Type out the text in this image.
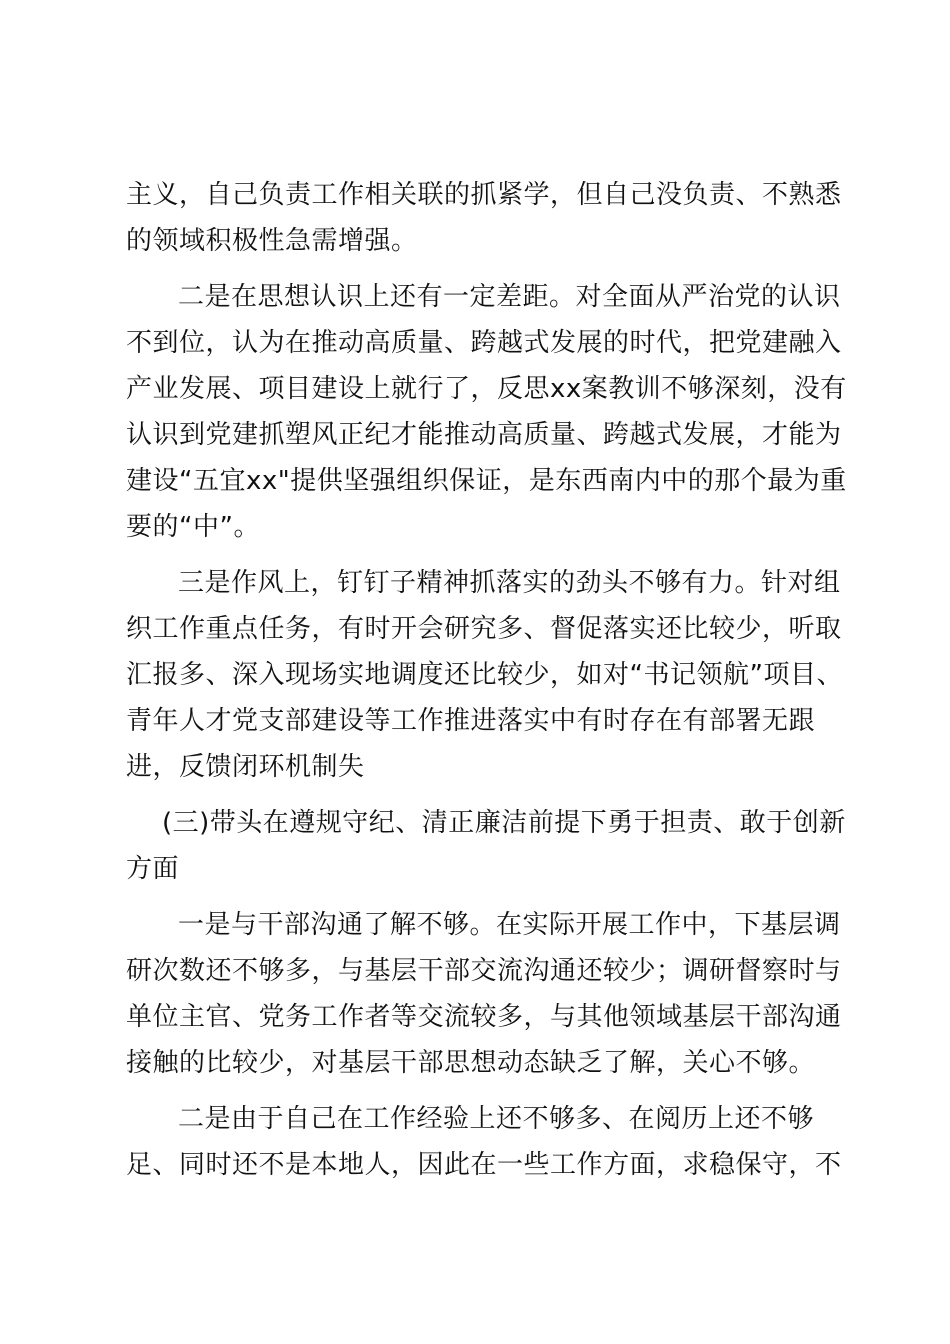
主义，自己负责工作相关联的抓紧学，但自己没负责、不熟悉
的领域积极性急需增强。
二是在思想认识上还有一定差距。对全面从严治党的认识
不到位，认为在推动高质量、跨越式发展的时代，把党建融入
产业发展、项目建设上就行了，反思xx案教训不够深刻，没有
认识到党建抓塑风正纪才能推动高质量、跨越式发展，才能为
建设“五宜xx"提供坚强组织保证，是东西南内中的那个最为重
要的“中”。
三是作风上，钉钉子精神抓落实的劲头不够有力。针对组
织工作重点任务，有时开会研究多、督促落实还比较少，听取
汇报多、深入现场实地调度还比较少，如对“书记领航”项目、
青年人才党支部建设等工作推进落实中有时存在有部署无跟
进，反馈闭环机制失
(三)带头在遵规守纪、清正廉洁前提下勇于担责、敢于创新
方面
一是与干部沟通了解不够。在实际开展工作中，下基层调
研次数还不够多，与基层干部交流沟通还较少；调研督察时与
单位主官、党务工作者等交流较多，与其他领域基层干部沟通
接触的比较少，对基层干部思想动态缺乏了解，关心不够。
二是由于自己在工作经验上还不够多、在阅历上还不够
足、同时还不是本地人，因此在一些工作方面，求稳保守，不
